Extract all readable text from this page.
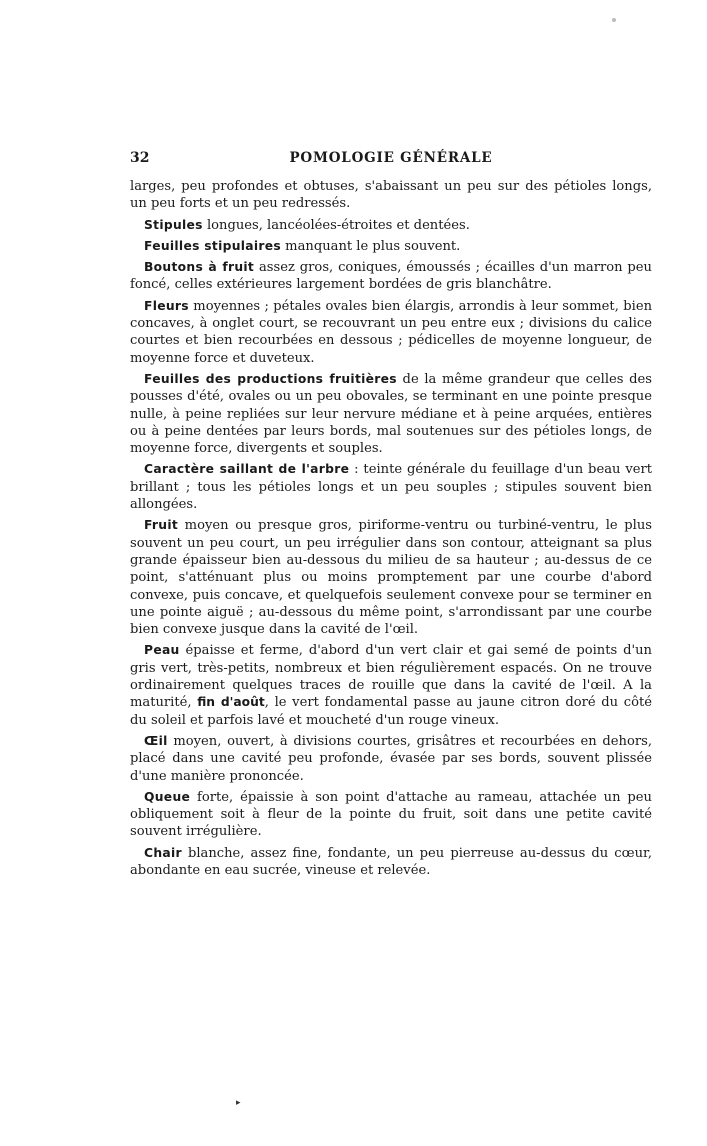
32	POMOLOGIE GÉNÉRALE

larges, peu profondes et obtuses, s'abaissant un peu sur des pétioles longs, un peu forts et un peu redressés.

Stipules longues, lancéolées-étroites et dentées.

Feuilles stipulaires manquant le plus souvent.

Boutons à fruit assez gros, coniques, émoussés ; écailles d'un marron peu foncé, celles extérieures largement bordées de gris blanchâtre.

Fleurs moyennes ; pétales ovales bien élargis, arrondis à leur sommet, bien concaves, à onglet court, se recouvrant un peu entre eux ; divisions du calice courtes et bien recourbées en dessous ; pédicelles de moyenne longueur, de moyenne force et duveteux.

Feuilles des productions fruitières de la même grandeur que celles des pousses d'été, ovales ou un peu obovales, se terminant en une pointe presque nulle, à peine repliées sur leur nervure médiane et à peine arquées, entières ou à peine dentées par leurs bords, mal soutenues sur des pétioles longs, de moyenne force, divergents et souples.

Caractère saillant de l'arbre : teinte générale du feuillage d'un beau vert brillant ; tous les pétioles longs et un peu souples ; stipules souvent bien allongées.

Fruit moyen ou presque gros, piriforme-ventru ou turbiné-ventru, le plus souvent un peu court, un peu irrégulier dans son contour, atteignant sa plus grande épaisseur bien au-dessous du milieu de sa hauteur ; au-dessus de ce point, s'atténuant plus ou moins promptement par une courbe d'abord convexe, puis concave, et quelquefois seulement convexe pour se terminer en une pointe aiguë ; au-dessous du même point, s'arrondissant par une courbe bien convexe jusque dans la cavité de l'œil.

Peau épaisse et ferme, d'abord d'un vert clair et gai semé de points d'un gris vert, très-petits, nombreux et bien régulièrement espacés. On ne trouve ordinairement quelques traces de rouille que dans la cavité de l'œil. A la maturité, fin d'août, le vert fondamental passe au jaune citron doré du côté du soleil et parfois lavé et moucheté d'un rouge vineux.

Œil moyen, ouvert, à divisions courtes, grisâtres et recourbées en dehors, placé dans une cavité peu profonde, évasée par ses bords, souvent plissée d'une manière prononcée.

Queue forte, épaissie à son point d'attache au rameau, attachée un peu obliquement soit à fleur de la pointe du fruit, soit dans une petite cavité souvent irrégulière.

Chair blanche, assez fine, fondante, un peu pierreuse au-dessus du cœur, abondante en eau sucrée, vineuse et relevée.

▸
